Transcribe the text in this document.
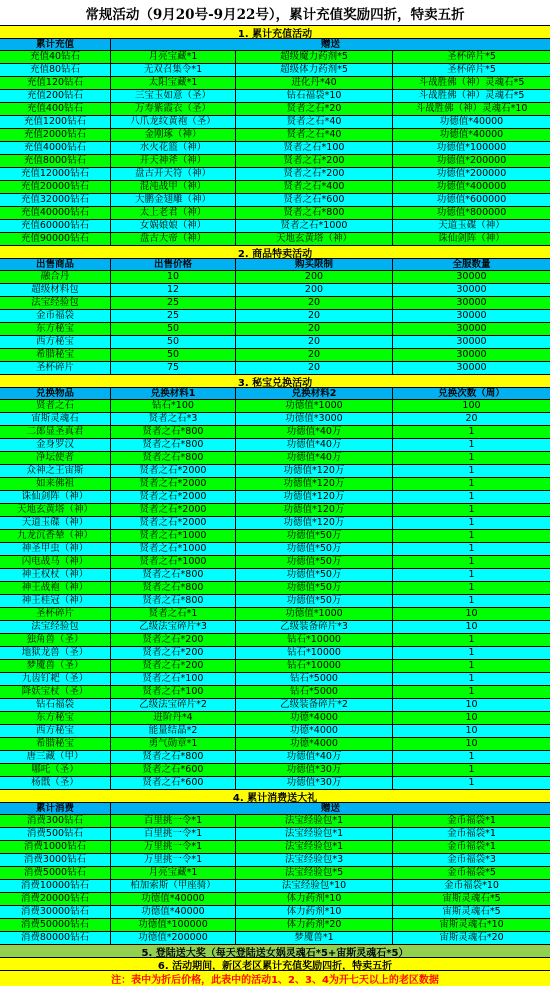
常规活动（9月20号-9月22号），累计充值奖励四折，特卖五折
1. 累计充值活动
累计充值	赠送
充值40钻石	月亮宝藏*1	超级魔力药剂*5	圣杯碎片*5
充值80钻石	无双召集令*1	超级体力药剂*5	圣杯碎片*5
充值120钻石	太阳宝藏*1	进化丹*40	斗战胜佛（神）灵魂石*5
充值200钻石	三宝玉如意（圣）	钻石福袋*10	斗战胜佛（神）灵魂石*5
充值400钻石	万寿紫霞衣（圣）	贤者之石*20	斗战胜佛（神）灵魂石*10
充值1200钻石	八爪龙纹黄袍（圣）	贤者之石*40	功德值*40000
充值2000钻石	金刚琢（神）	贤者之石*40	功德值*40000
充值4000钻石	水火花篮（神）	贤者之石*100	功德值*100000
充值8000钻石	开天神斧（神）	贤者之石*200	功德值*200000
充值12000钻石	盘古开天符（神）	贤者之石*200	功德值*200000
充值20000钻石	混沌战甲（神）	贤者之石*400	功德值*400000
充值32000钻石	大鹏金翅雕（神）	贤者之石*600	功德值*600000
充值40000钻石	太上老君（神）	贤者之石*800	功德值*800000
充值60000钻石	女娲娘娘（神）	贤者之石*1000	天道玉碟（神）
充值90000钻石	盘古大帝（神）	天地玄黄塔（神）	诛仙剑阵（神）
2. 商品特卖活动
出售商品	出售价格	购买限制	全服数量
融合丹	10	200	30000
超级材料包	12	200	30000
法宝经验包	25	20	30000
金币福袋	25	20	30000
东方秘宝	50	20	30000
西方秘宝	50	20	30000
希腊秘宝	50	20	30000
圣杯碎片	75	20	30000
3. 秘宝兑换活动
兑换物品	兑换材料1	兑换材料2	兑换次数（周）
贤者之石	钻石*100	功德值*1000	100
宙斯灵魂石	贤者之石*3	功德值*3000	20
二郎显圣真君	贤者之石*800	功德值*40万	1
金身罗汉	贤者之石*800	功德值*40万	1
净坛使者	贤者之石*800	功德值*40万	1
众神之王宙斯	贤者之石*2000	功德值*120万	1
如来佛祖	贤者之石*2000	功德值*120万	1
诛仙剑阵（神）	贤者之石*2000	功德值*120万	1
天地玄黄塔（神）	贤者之石*2000	功德值*120万	1
天道玉碟（神）	贤者之石*2000	功德值*120万	1
九龙沉香辇（神）	贤者之石*1000	功德值*50万	1
神圣甲虫（神）	贤者之石*1000	功德值*50万	1
闪电战马（神）	贤者之石*1000	功德值*50万	1
神王权杖（神）	贤者之石*800	功德值*50万	1
神王战袍（神）	贤者之石*800	功德值*50万	1
神王桂冠（神）	贤者之石*800	功德值*50万	1
圣杯碎片	贤者之石*1	功德值*1000	10
法宝经验包	乙级法宝碎片*3	乙级装备碎片*3	10
独角兽（圣）	贤者之石*200	钻石*10000	1
地狱龙兽（圣）	贤者之石*200	钻石*10000	1
梦魇兽（圣）	贤者之石*200	钻石*10000	1
九齿钉耙（圣）	贤者之石*100	钻石*5000	1
降妖宝杖（圣）	贤者之石*100	钻石*5000	1
钻石福袋	乙级法宝碎片*2	乙级装备碎片*2	10
东方秘宝	进阶丹*4	功德*4000	10
西方秘宝	能量结晶*2	功德*4000	10
希腊秘宝	勇气勋章*1	功德*4000	10
唐三藏（甲）	贤者之石*800	功德值*40万	1
哪吒（圣）	贤者之石*600	功德值*30万	1
杨戬（圣）	贤者之石*600	功德值*30万	1
4. 累计消费送大礼
累计消费	赠送
消费300钻石	百里挑一令*1	法宝经验包*1	金币福袋*1
消费500钻石	百里挑一令*1	法宝经验包*1	金币福袋*1
消费1000钻石	万里挑一令*1	法宝经验包*1	金币福袋*1
消费3000钻石	万里挑一令*1	法宝经验包*3	金币福袋*3
消费5000钻石	月亮宝藏*1	法宝经验包*5	金币福袋*5
消费10000钻石	柏加索斯（甲座骑）	法宝经验包*10	金币福袋*10
消费20000钻石	功德值*40000	体力药剂*10	宙斯灵魂石*5
消费30000钻石	功德值*40000	体力药剂*10	宙斯灵魂石*5
消费50000钻石	功德值*100000	体力药剂*20	宙斯灵魂石*10
消费80000钻石	功德值*200000	梦魇兽*1	宙斯灵魂石*20
5. 登陆送大奖（每天登陆送女娲灵魂石*5+宙斯灵魂石*5）
6. 活动期间，新区老区累计充值奖励四折，特卖五折
注：表中为折后价格，此表中的活动1、2、3、4为开七天以上的老区数据
